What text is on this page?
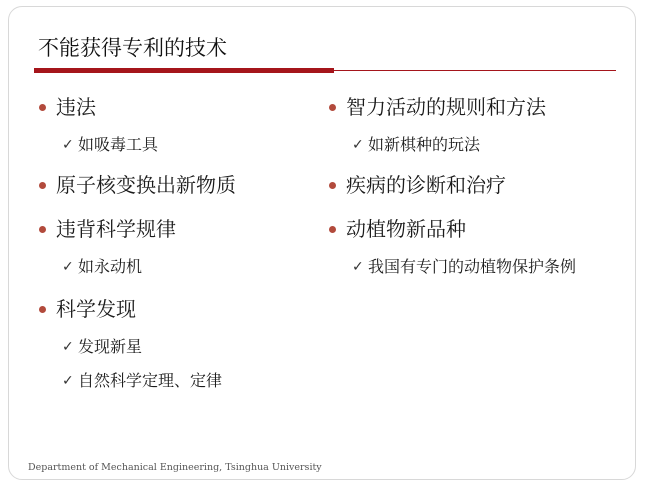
不能获得专利的技术
违法
✓ 如吸毒工具
原子核变换出新物质
违背科学规律
✓ 如永动机
科学发现
✓ 发现新星
✓ 自然科学定理、定律
智力活动的规则和方法
✓ 如新棋种的玩法
疾病的诊断和治疗
动植物新品种
✓ 我国有专门的动植物保护条例
Department of Mechanical Engineering, Tsinghua University
